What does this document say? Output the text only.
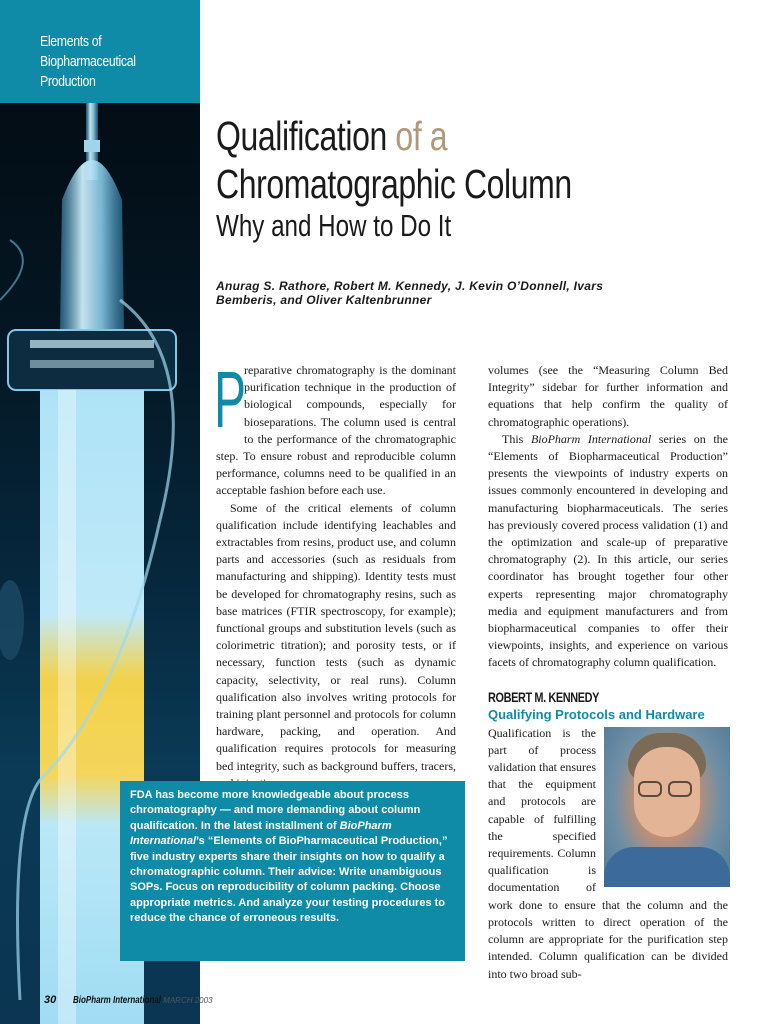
Elements of
Biopharmaceutical
Production
Qualification of a
Chromatographic Column
Why and How to Do It
Anurag S. Rathore, Robert M. Kennedy, J. Kevin O’Donnell, Ivars Bemberis, and Oliver Kaltenbrunner
P

reparative chromatography is the dominant purification technique in the production of biological compounds, especially for bioseparations. The column used is central to the performance of the chromatographic step. To ensure robust and reproducible column performance, columns need to be qualified in an acceptable fashion before each use.

Some of the critical elements of column qualification include identifying leachables and extractables from resins, product use, and column parts and accessories (such as residuals from manufacturing and shipping). Identity tests must be developed for chromatography resins, such as base matrices (FTIR spectroscopy, for example); functional groups and substitution levels (such as colorimetric titration); and porosity tests, or if necessary, function tests (such as dynamic capacity, selectivity, or real runs). Column qualification also involves writing protocols for training plant personnel and protocols for column hardware, packing, and operation. And qualification requires protocols for measuring bed integrity, such as background buffers, tracers,

volumes (see the “Measuring Column Bed Integrity” sidebar for further information and equations that help confirm the quality of chromatographic operations).

This BioPharm International series on the “Elements of Biopharmaceutical Production” presents the viewpoints of industry experts on issues commonly encountered in developing and manufacturing biopharmaceuticals. The series has previously covered process validation (1) and the optimization and scale-up of preparative chromatography (2). In this article, our series coordinator has brought together four other experts representing major chromatography media and equipment manufacturers and from biopharmaceutical companies to offer their viewpoints, insights, and experience on various facets of chromatography column qualification.

ROBERT M. KENNEDY
Qualifying Protocols and Hardware

Qualification is the part of process validation that ensures that the equipment and protocols are capable of fulfilling the specified requirements. Column qualification is documentation of work done to ensure that the column and the protocols written to direct operation of the column are appropriate for the purification step intended. Column qualification can be divided into two broad sub-

FDA has become more knowledgeable about process chromatography — and more demanding about column qualification. In the latest installment of BioPharm International’s “Elements of BioPharmaceutical Production,” five industry experts share their insights on how to qualify a chromatographic column. Their advice: Write unambiguous SOPs. Focus on reproducibility of column packing. Choose appropriate metrics. And analyze your testing procedures to reduce the chance of erroneous results.

30 BioPharm International MARCH 2003
